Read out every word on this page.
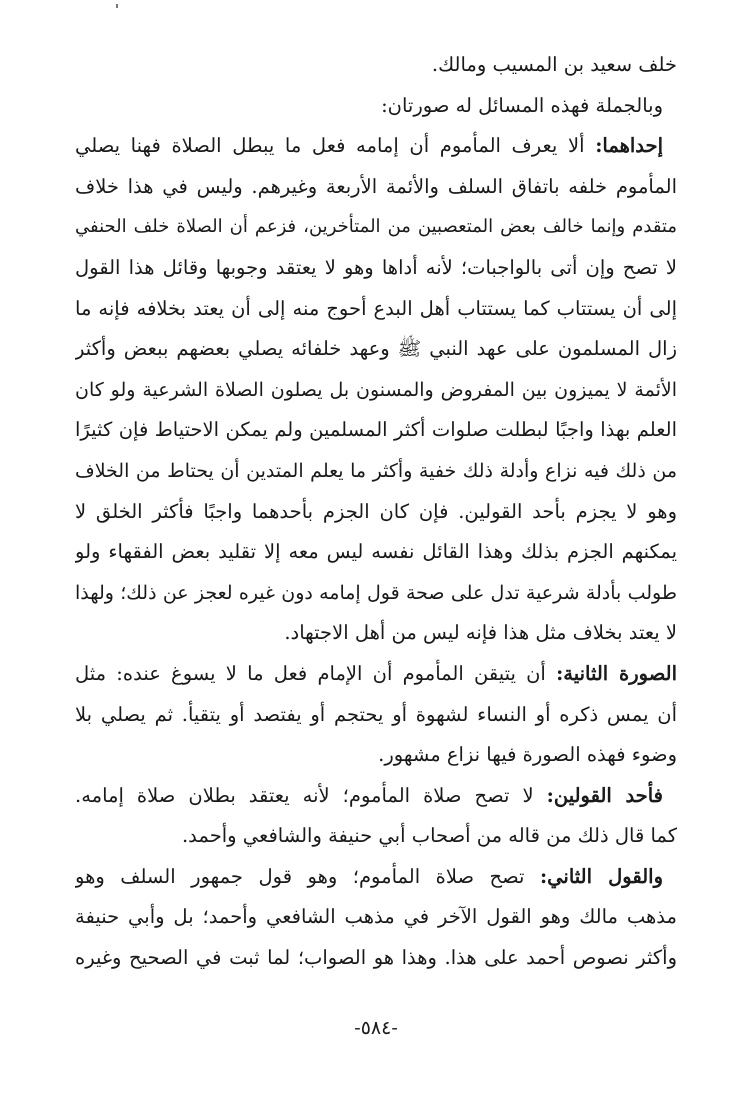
خلف سعيد بن المسيب ومالك.
وبالجملة فهذه المسائل له صورتان:
إحداهما: ألا يعرف المأموم أن إمامه فعل ما يبطل الصلاة فهنا يصلي
المأموم خلفه باتفاق السلف والأئمة الأربعة وغيرهم. وليس في هذا خلاف
متقدم وإنما خالف بعض المتعصبين من المتأخرين، فزعم أن الصلاة خلف الحنفي
لا تصح وإن أتى بالواجبات؛ لأنه أداها وهو لا يعتقد وجوبها وقائل هذا القول
إلى أن يستتاب كما يستتاب أهل البدع أحوج منه إلى أن يعتد بخلافه فإنه ما
زال المسلمون على عهد النبي ﷺ وعهد خلفائه يصلي بعضهم ببعض وأكثر
الأئمة لا يميزون بين المفروض والمسنون بل يصلون الصلاة الشرعية ولو كان
العلم بهذا واجبًا لبطلت صلوات أكثر المسلمين ولم يمكن الاحتياط فإن كثيرًا
من ذلك فيه نزاع وأدلة ذلك خفية وأكثر ما يعلم المتدين أن يحتاط من الخلاف
وهو لا يجزم بأحد القولين. فإن كان الجزم بأحدهما واجبًا فأكثر الخلق لا
يمكنهم الجزم بذلك وهذا القائل نفسه ليس معه إلا تقليد بعض الفقهاء ولو
طولب بأدلة شرعية تدل على صحة قول إمامه دون غيره لعجز عن ذلك؛ ولهذا
لا يعتد بخلاف مثل هذا فإنه ليس من أهل الاجتهاد.
الصورة الثانية: أن يتيقن المأموم أن الإمام فعل ما لا يسوغ عنده: مثل
أن يمس ذكره أو النساء لشهوة أو يحتجم أو يفتصد أو يتقيأ. ثم يصلي بلا
وضوء فهذه الصورة فيها نزاع مشهور.
فأحد القولين: لا تصح صلاة المأموم؛ لأنه يعتقد بطلان صلاة إمامه.
كما قال ذلك من قاله من أصحاب أبي حنيفة والشافعي وأحمد.
والقول الثاني: تصح صلاة المأموم؛ وهو قول جمهور السلف وهو
مذهب مالك وهو القول الآخر في مذهب الشافعي وأحمد؛ بل وأبي حنيفة
وأكثر نصوص أحمد على هذا. وهذا هو الصواب؛ لما ثبت في الصحيح وغيره
-٥٨٤-
